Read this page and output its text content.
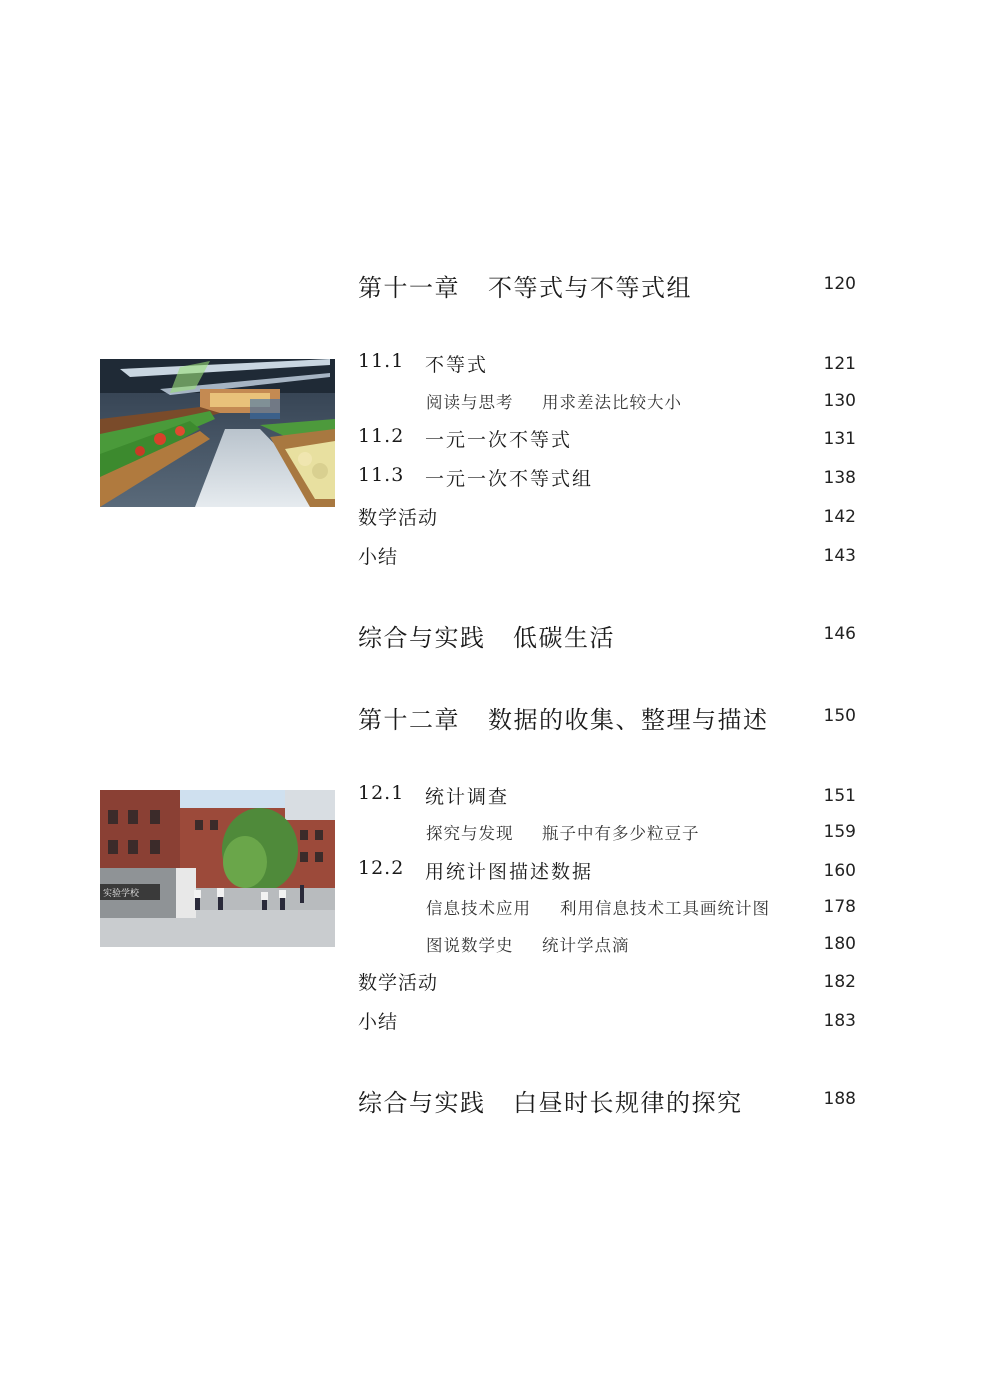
实验学校
第十一章 不等式与不等式组	120
11.1 不等式	121
阅读与思考 用求差法比较大小	130
11.2 一元一次不等式	131
11.3 一元一次不等式组	138
数学活动	142
小结	143
综合与实践 低碳生活	146
第十二章 数据的收集、整理与描述	150
12.1 统计调查	151
探究与发现 瓶子中有多少粒豆子	159
12.2 用统计图描述数据	160
信息技术应用 利用信息技术工具画统计图	178
图说数学史 统计学点滴	180
数学活动	182
小结	183
综合与实践 白昼时长规律的探究	188
